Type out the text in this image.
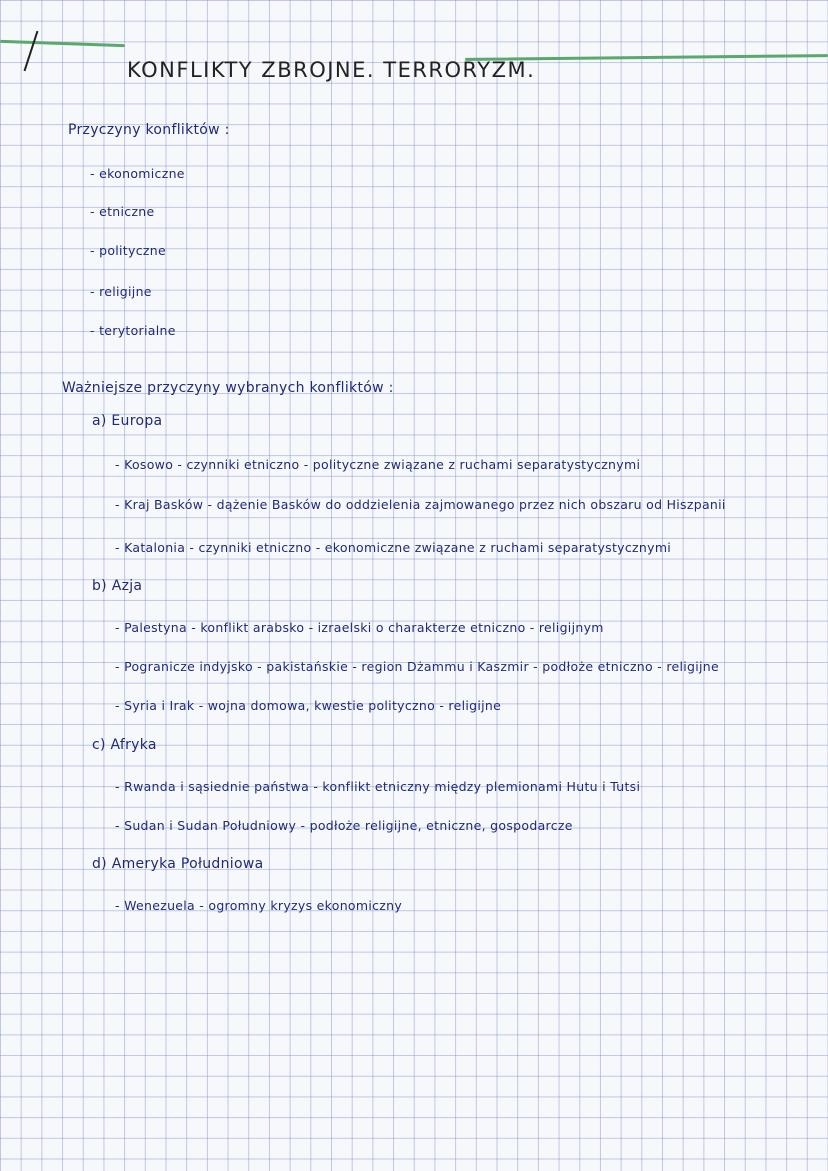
KONFLIKTY ZBROJNE. TERRORYZM.
Przyczyny konfliktów :
- ekonomiczne
- etniczne
- polityczne
- religijne
- terytorialne
Ważniejsze przyczyny wybranych konfliktów :
a) Europa
- Kosowo - czynniki etniczno - polityczne związane z ruchami separatystycznymi
- Kraj Basków - dążenie Basków do oddzielenia zajmowanego przez nich obszaru od Hiszpanii
- Katalonia - czynniki etniczno - ekonomiczne związane z ruchami separatystycznymi
b) Azja
- Palestyna - konflikt arabsko - izraelski o charakterze etniczno - religijnym
- Pogranicze indyjsko - pakistańskie - region Dżammu i Kaszmir - podłoże etniczno - religijne
- Syria i Irak - wojna domowa, kwestie polityczno - religijne
c) Afryka
- Rwanda i sąsiednie państwa - konflikt etniczny między plemionami Hutu i Tutsi
- Sudan i Sudan Południowy - podłoże religijne, etniczne, gospodarcze
d) Ameryka Południowa
- Wenezuela - ogromny kryzys ekonomiczny
